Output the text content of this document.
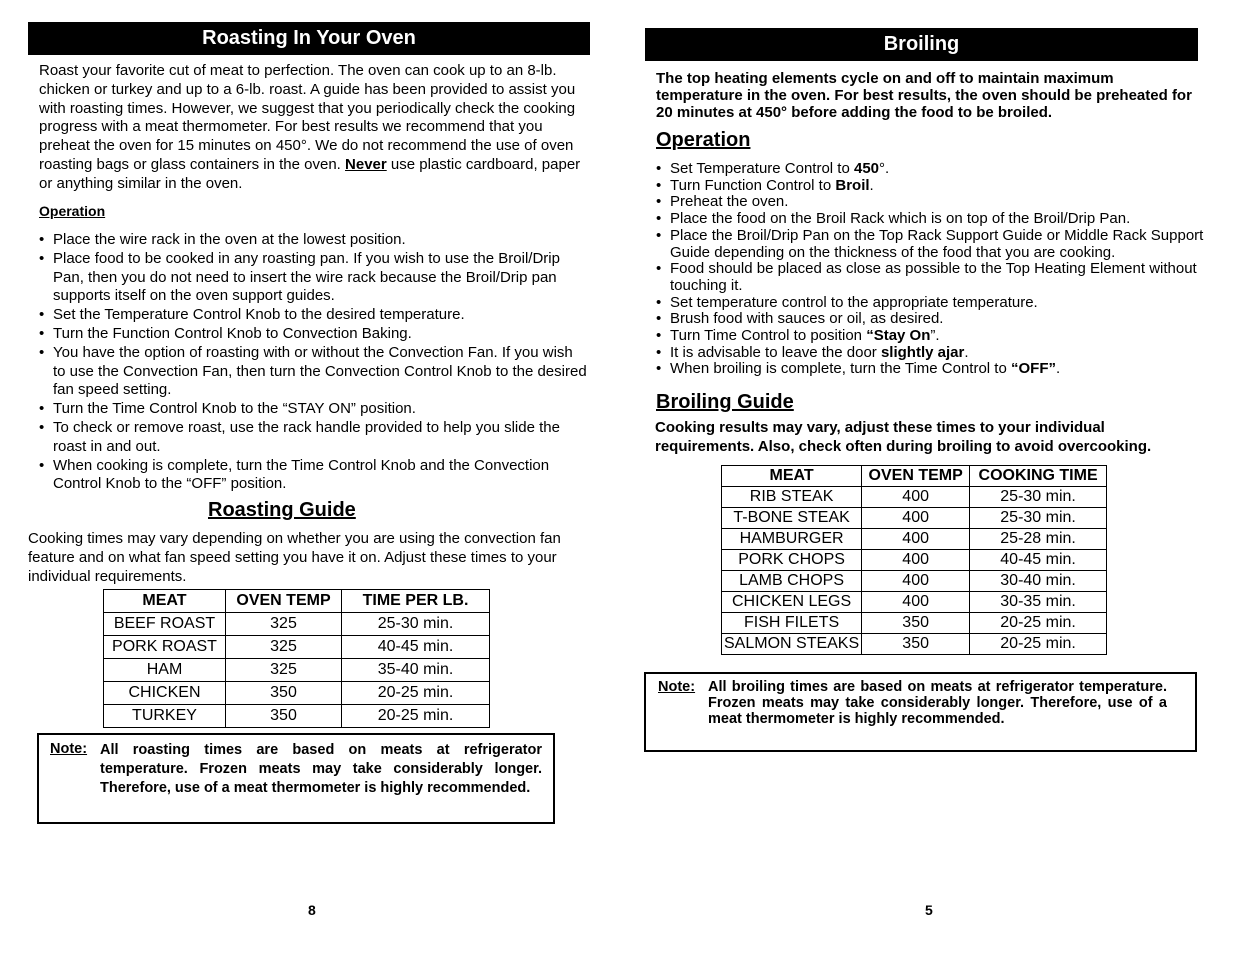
Roasting In Your Oven

Roast your favorite cut of meat to perfection. The oven can cook up to an 8-lb. chicken or turkey and up to a 6-lb. roast. A guide has been provided to assist you with roasting times. However, we suggest that you periodically check the cooking progress with a meat thermometer. For best results we recommend that you preheat the oven for 15 minutes on 450°. We do not recommend the use of oven roasting bags or glass containers in the oven. Never use plastic cardboard, paper or anything similar in the oven.

Operation
• Place the wire rack in the oven at the lowest position.
• Place food to be cooked in any roasting pan. If you wish to use the Broil/Drip Pan, then you do not need to insert the wire rack because the Broil/Drip pan supports itself on the oven support guides.
• Set the Temperature Control Knob to the desired temperature.
• Turn the Function Control Knob to Convection Baking.
• You have the option of roasting with or without the Convection Fan. If you wish to use the Convection Fan, then turn the Convection Control Knob to the desired fan speed setting.
• Turn the Time Control Knob to the “STAY ON” position.
• To check or remove roast, use the rack handle provided to help you slide the roast in and out.
• When cooking is complete, turn the Time Control Knob and the Convection Control Knob to the “OFF” position.
Roasting Guide

Cooking times may vary depending on whether you are using the convection fan feature and on what fan speed setting you have it on. Adjust these times to your individual requirements.

MEAT	OVEN TEMP	TIME PER LB.
BEEF ROAST	325	25-30 min.
PORK ROAST	325	40-45 min.
HAM	325	35-40 min.
CHICKEN	350	20-25 min.
TURKEY	350	20-25 min.
Note: All roasting times are based on meats at refrigerator temperature. Frozen meats may take considerably longer. Therefore, use of a meat thermometer is highly recommended.
8
Broiling

The top heating elements cycle on and off to maintain maximum temperature in the oven. For best results, the oven should be preheated for 20 minutes at 450° before adding the food to be broiled.

Operation
• Set Temperature Control to 450°.
• Turn Function Control to Broil.
• Preheat the oven.
• Place the food on the Broil Rack which is on top of the Broil/Drip Pan.
• Place the Broil/Drip Pan on the Top Rack Support Guide or Middle Rack Support Guide depending on the thickness of the food that you are cooking.
• Food should be placed as close as possible to the Top Heating Element without touching it.
• Set temperature control to the appropriate temperature.
• Brush food with sauces or oil, as desired.
• Turn Time Control to position “Stay On”.
• It is advisable to leave the door slightly ajar.
• When broiling is complete, turn the Time Control to “OFF”.
Broiling Guide

Cooking results may vary, adjust these times to your individual requirements. Also, check often during broiling to avoid overcooking.

MEAT	OVEN TEMP	COOKING TIME
RIB STEAK	400	25-30 min.
T-BONE STEAK	400	25-30 min.
HAMBURGER	400	25-28 min.
PORK CHOPS	400	40-45 min.
LAMB CHOPS	400	30-40 min.
CHICKEN LEGS	400	30-35 min.
FISH FILETS	350	20-25 min.
SALMON STEAKS	350	20-25 min.
Note: All broiling times are based on meats at refrigerator temperature. Frozen meats may take considerably longer. Therefore, use of a meat thermometer is highly recommended.
5
